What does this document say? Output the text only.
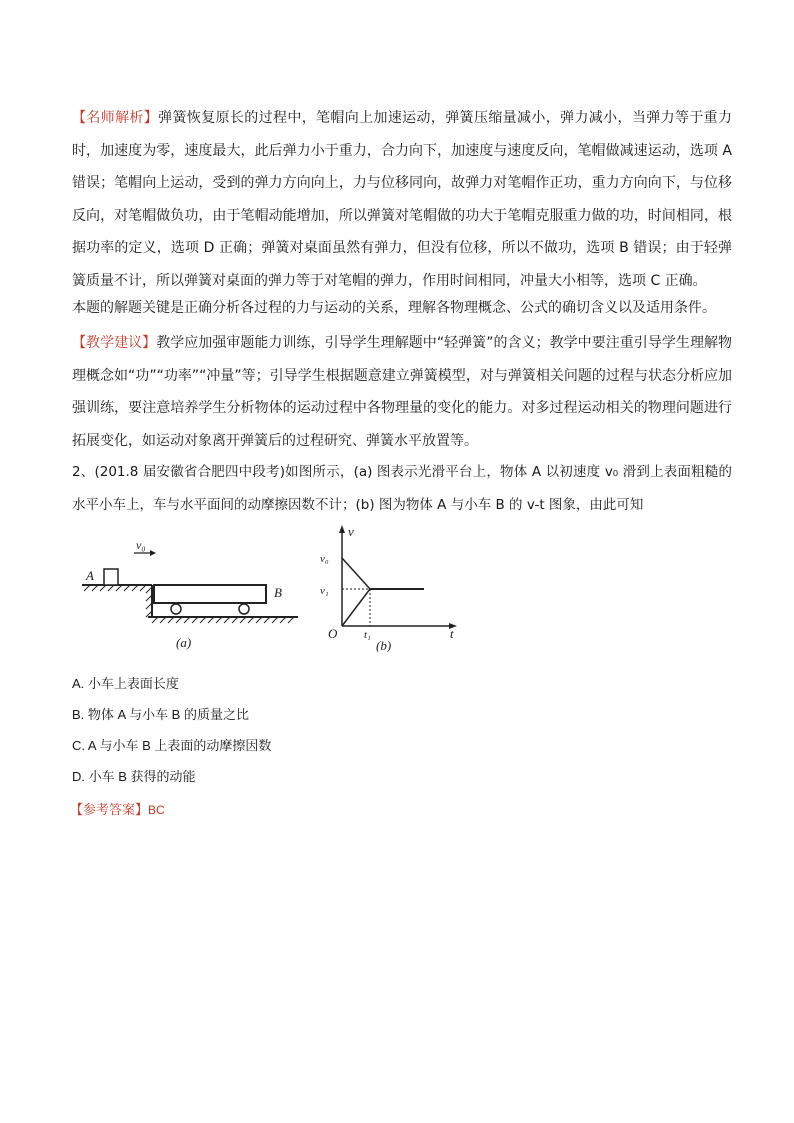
【名师解析】弹簧恢复原长的过程中，笔帽向上加速运动，弹簧压缩量减小，弹力减小，当弹力等于重力时，加速度为零，速度最大，此后弹力小于重力，合力向下，加速度与速度反向，笔帽做减速运动，选项 A 错误；笔帽向上运动，受到的弹力方向向上，力与位移同向，故弹力对笔帽作正功，重力方向向下，与位移反向，对笔帽做负功，由于笔帽动能增加，所以弹簧对笔帽做的功大于笔帽克服重力做的功，时间相同，根据功率的定义，选项 D 正确；弹簧对桌面虽然有弹力，但没有位移，所以不做功，选项 B 错误；由于轻弹簧质量不计，所以弹簧对桌面的弹力等于对笔帽的弹力，作用时间相同，冲量大小相等，选项 C 正确。

本题的解题关键是正确分析各过程的力与运动的关系，理解各物理概念、公式的确切含义以及适用条件。

【教学建议】教学应加强审题能力训练，引导学生理解题中“轻弹簧”的含义；教学中要注重引导学生理解物理概念如“功”“功率”“冲量”等；引导学生根据题意建立弹簧模型，对与弹簧相关问题的过程与状态分析应加强训练，要注意培养学生分析物体的运动过程中各物理量的变化的能力。对多过程运动相关的物理问题进行拓展变化，如运动对象离开弹簧后的过程研究、弹簧水平放置等。

2、(201.8 届安徽省合肥四中段考)如图所示，(a) 图表示光滑平台上，物体 A 以初速度 v₀ 滑到上表面粗糙的水平小车上，车与水平面间的动摩擦因数不计；(b) 图为物体 A 与小车 B 的 v-t 图象，由此可知

A
v₀
B
(a)
v
v₀
v₁
O t₁	t
(b)

A. 小车上表面长度

B. 物体 A 与小车 B 的质量之比

C. A 与小车 B 上表面的动摩擦因数

D. 小车 B 获得的动能

【参考答案】BC
